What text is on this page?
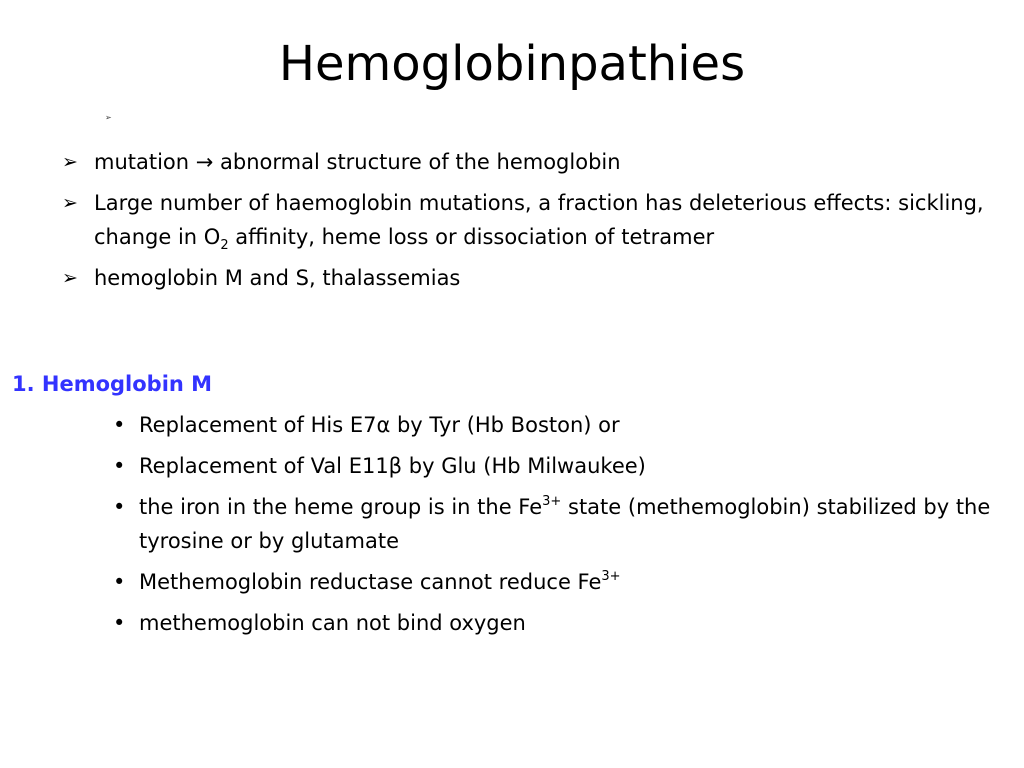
Hemoglobinpathies
➢
➢ mutation → abnormal structure of the hemoglobin
➢ Large number of haemoglobin mutations, a fraction has deleterious effects: sickling, change in $O_2$ affinity, heme loss or dissociation of tetramer
➢ hemoglobin M and S, thalassemias
1. Hemoglobin M
• Replacement of His E7α by Tyr (Hb Boston) or
• Replacement of Val E11β by Glu (Hb Milwaukee)
• the iron in the heme group is in the $Fe^{3+}$ state (methemoglobin) stabilized by the tyrosine or by glutamate
• Methemoglobin reductase cannot reduce $Fe^{3+}$
• methemoglobin can not bind oxygen
